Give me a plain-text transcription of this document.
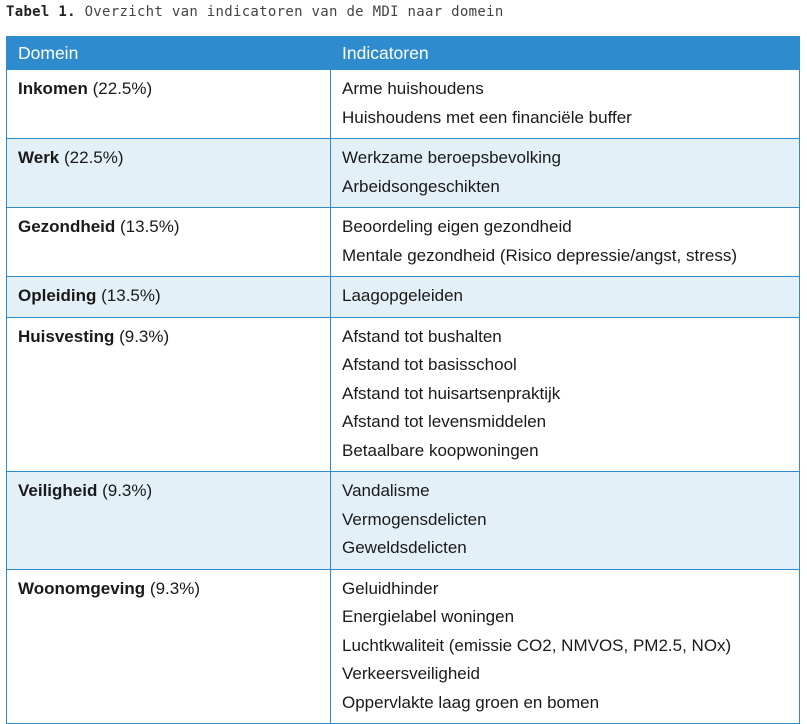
Tabel 1. Overzicht van indicatoren van de MDI naar domein
Domein	Indicatoren
Inkomen (22.5%)	Arme huishoudens
Huishoudens met een financiële buffer

Werk (22.5%)	Werkzame beroepsbevolking
Arbeidsongeschikten

Gezondheid (13.5%)	Beoordeling eigen gezondheid
Mentale gezondheid (Risico depressie/angst, stress)

Opleiding (13.5%)	Laagopgeleiden

Huisvesting (9.3%)	Afstand tot bushalten
Afstand tot basisschool
Afstand tot huisartsenpraktijk
Afstand tot levensmiddelen
Betaalbare koopwoningen

Veiligheid (9.3%)	Vandalisme
Vermogensdelicten
Geweldsdelicten

Woonomgeving (9.3%)	Geluidhinder
Energielabel woningen
Luchtkwaliteit (emissie CO2, NMVOS, PM2.5, NOx)
Verkeersveiligheid
Oppervlakte laag groen en bomen
